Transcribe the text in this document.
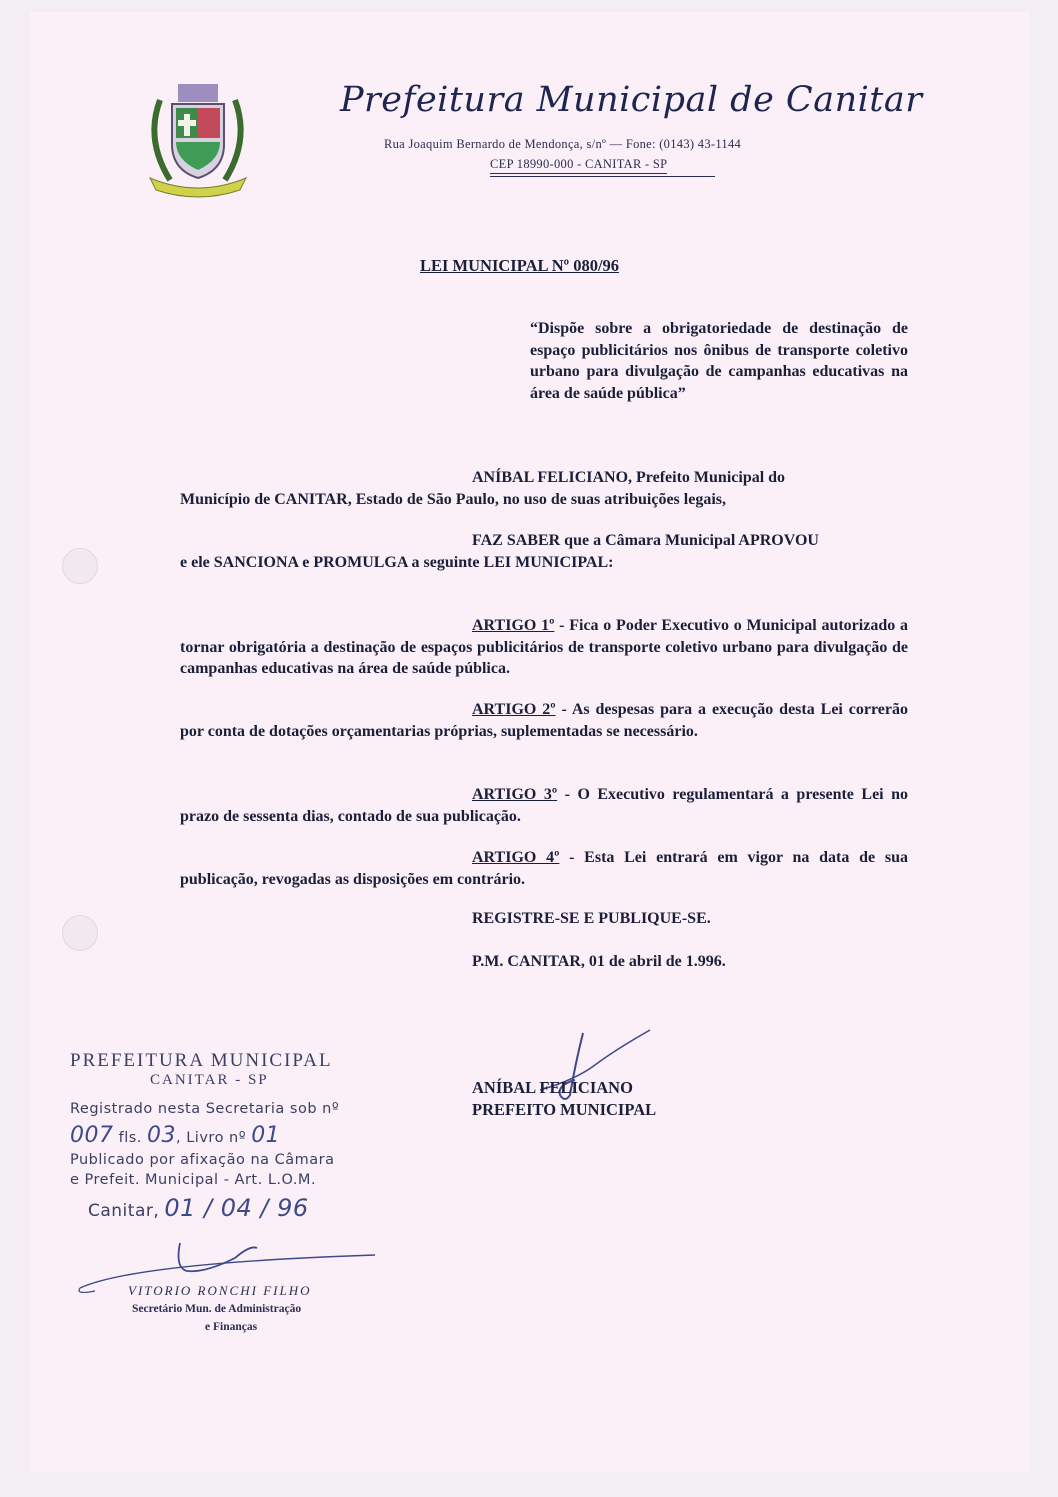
Prefeitura Municipal de Canitar
Rua Joaquim Bernardo de Mendonça, s/nº — Fone: (0143) 43-1144
CEP 18990-000 - CANITAR - SP
LEI MUNICIPAL Nº 080/96
“Dispõe sobre a obrigatoriedade de destinação de espaço publicitários nos ônibus de transporte coletivo urbano para divulgação de campanhas educativas na área de saúde pública”
ANÍBAL FELICIANO, Prefeito Municipal do
Município de CANITAR, Estado de São Paulo, no uso de suas atribuições legais,
FAZ SABER que a Câmara Municipal APROVOU
e ele SANCIONA e PROMULGA a seguinte LEI MUNICIPAL:
ARTIGO 1º - Fica o Poder Executivo o Municipal autorizado a tornar obrigatória a destinação de espaços publicitários de transporte coletivo urbano para divulgação de campanhas educativas na área de saúde pública.
ARTIGO 2º - As despesas para a execução desta Lei correrão por conta de dotações orçamentarias próprias, suplementadas se necessário.
ARTIGO 3º - O Executivo regulamentará a presente Lei no prazo de sessenta dias, contado de sua publicação.
ARTIGO 4º - Esta Lei entrará em vigor na data de sua publicação, revogadas as disposições em contrário.
REGISTRE-SE E PUBLIQUE-SE.
P.M. CANITAR, 01 de abril de 1.996.
ANÍBAL FELICIANO
PREFEITO MUNICIPAL
PREFEITURA MUNICIPAL
CANITAR - SP
Registrado nesta Secretaria sob nº
007 fls. 03, Livro nº 01
Publicado por afixação na Câmara
e Prefeit. Municipal - Art. L.O.M.
Canitar, 01 / 04 / 96
VITORIO RONCHI FILHO
Secretário Mun. de Administração
e Finanças
